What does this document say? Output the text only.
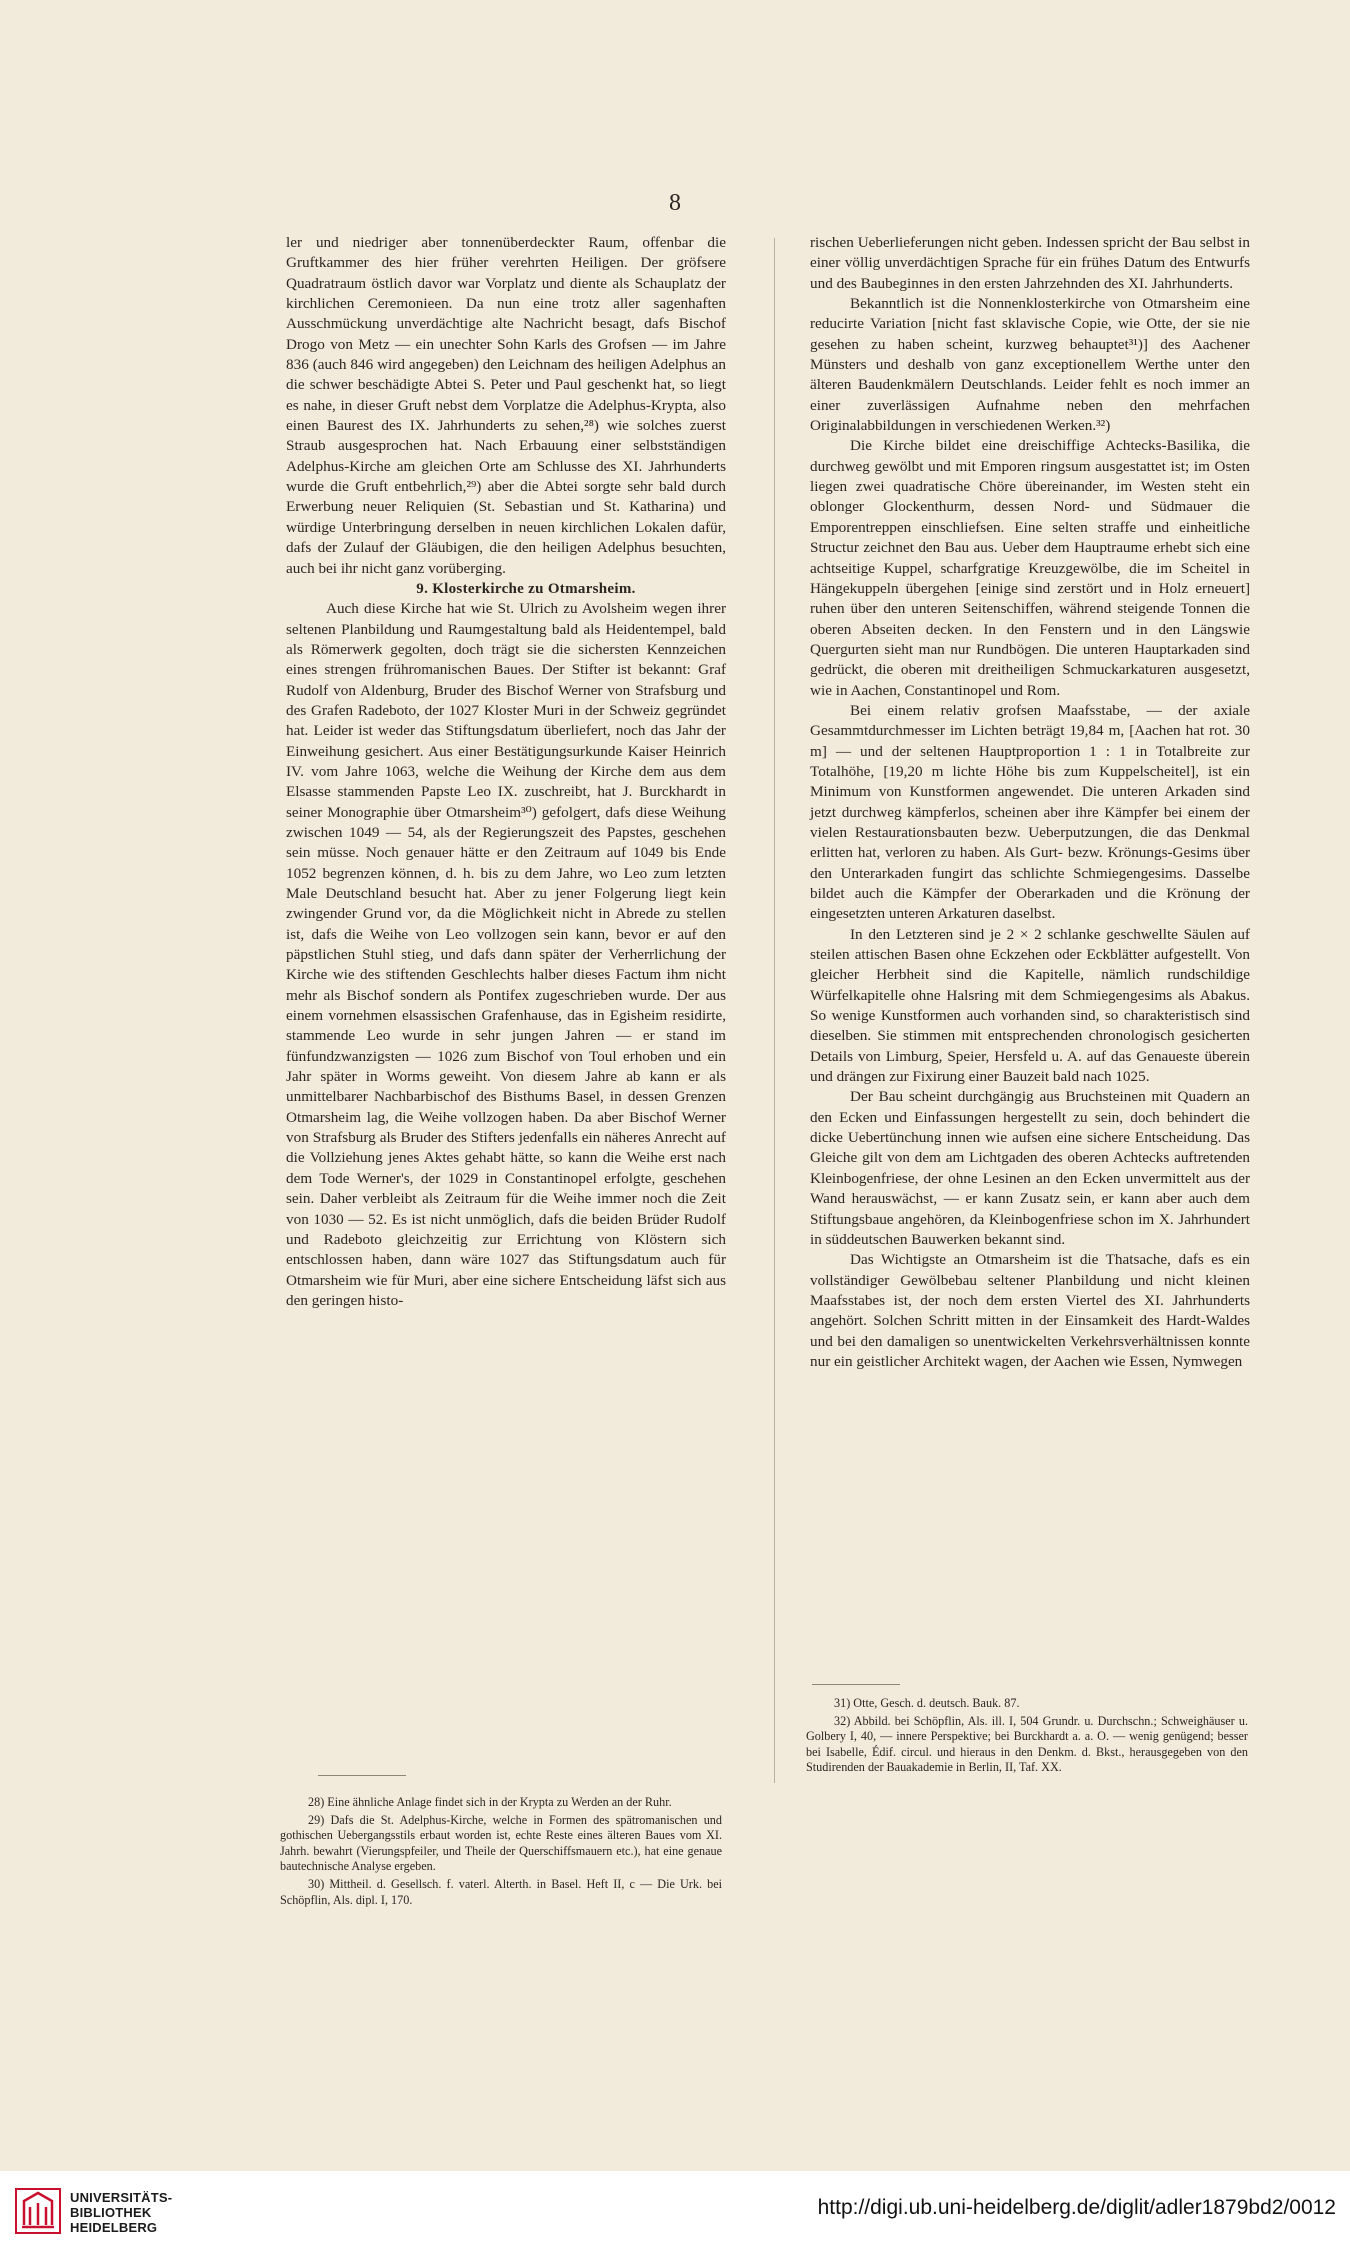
8

ler und niedriger aber tonnenüberdeckter Raum, offenbar die Gruftkammer des hier früher verehrten Heiligen. Der gröfsere Quadratraum östlich davor war Vorplatz und diente als Schauplatz der kirchlichen Ceremonieen. Da nun eine trotz aller sagenhaften Ausschmückung unverdächtige alte Nachricht besagt, dafs Bischof Drogo von Metz — ein unechter Sohn Karls des Grofsen — im Jahre 836 (auch 846 wird angegeben) den Leichnam des heiligen Adelphus an die schwer beschädigte Abtei S. Peter und Paul geschenkt hat, so liegt es nahe, in dieser Gruft nebst dem Vorplatze die Adelphus-Krypta, also einen Baurest des IX. Jahrhunderts zu sehen,²⁸) wie solches zuerst Straub ausgesprochen hat. Nach Erbauung einer selbstständigen Adelphus-Kirche am gleichen Orte am Schlusse des XI. Jahrhunderts wurde die Gruft entbehrlich,²⁹) aber die Abtei sorgte sehr bald durch Erwerbung neuer Reliquien (St. Sebastian und St. Katharina) und würdige Unterbringung derselben in neuen kirchlichen Lokalen dafür, dafs der Zulauf der Gläubigen, die den heiligen Adelphus besuchten, auch bei ihr nicht ganz vorüberging.

9. Klosterkirche zu Otmarsheim.

Auch diese Kirche hat wie St. Ulrich zu Avolsheim wegen ihrer seltenen Planbildung und Raumgestaltung bald als Heidentempel, bald als Römerwerk gegolten, doch trägt sie die sichersten Kennzeichen eines strengen frühromanischen Baues. Der Stifter ist bekannt: Graf Rudolf von Aldenburg, Bruder des Bischof Werner von Strafsburg und des Grafen Radeboto, der 1027 Kloster Muri in der Schweiz gegründet hat. Leider ist weder das Stiftungsdatum überliefert, noch das Jahr der Einweihung gesichert. Aus einer Bestätigungsurkunde Kaiser Heinrich IV. vom Jahre 1063, welche die Weihung der Kirche dem aus dem Elsasse stammenden Papste Leo IX. zuschreibt, hat J. Burckhardt in seiner Monographie über Otmarsheim³⁰) gefolgert, dafs diese Weihung zwischen 1049 — 54, als der Regierungszeit des Papstes, geschehen sein müsse. Noch genauer hätte er den Zeitraum auf 1049 bis Ende 1052 begrenzen können, d. h. bis zu dem Jahre, wo Leo zum letzten Male Deutschland besucht hat. Aber zu jener Folgerung liegt kein zwingender Grund vor, da die Möglichkeit nicht in Abrede zu stellen ist, dafs die Weihe von Leo vollzogen sein kann, bevor er auf den päpstlichen Stuhl stieg, und dafs dann später der Verherrlichung der Kirche wie des stiftenden Geschlechts halber dieses Factum ihm nicht mehr als Bischof sondern als Pontifex zugeschrieben wurde. Der aus einem vornehmen elsassischen Grafenhause, das in Egisheim residirte, stammende Leo wurde in sehr jungen Jahren — er stand im fünfundzwanzigsten — 1026 zum Bischof von Toul erhoben und ein Jahr später in Worms geweiht. Von diesem Jahre ab kann er als unmittelbarer Nachbarbischof des Bisthums Basel, in dessen Grenzen Otmarsheim lag, die Weihe vollzogen haben. Da aber Bischof Werner von Strafsburg als Bruder des Stifters jedenfalls ein näheres Anrecht auf die Vollziehung jenes Aktes gehabt hätte, so kann die Weihe erst nach dem Tode Werner's, der 1029 in Constantinopel erfolgte, geschehen sein. Daher verbleibt als Zeitraum für die Weihe immer noch die Zeit von 1030 — 52. Es ist nicht unmöglich, dafs die beiden Brüder Rudolf und Radeboto gleichzeitig zur Errichtung von Klöstern sich entschlossen haben, dann wäre 1027 das Stiftungsdatum auch für Otmarsheim wie für Muri, aber eine sichere Entscheidung läfst sich aus den geringen histo-

rischen Ueberlieferungen nicht geben. Indessen spricht der Bau selbst in einer völlig unverdächtigen Sprache für ein frühes Datum des Entwurfs und des Baubeginnes in den ersten Jahrzehnden des XI. Jahrhunderts.

Bekanntlich ist die Nonnenklosterkirche von Otmarsheim eine reducirte Variation [nicht fast sklavische Copie, wie Otte, der sie nie gesehen zu haben scheint, kurzweg behauptet³¹)] des Aachener Münsters und deshalb von ganz exceptionellem Werthe unter den älteren Baudenkmälern Deutschlands. Leider fehlt es noch immer an einer zuverlässigen Aufnahme neben den mehrfachen Originalabbildungen in verschiedenen Werken.³²)

Die Kirche bildet eine dreischiffige Achtecks-Basilika, die durchweg gewölbt und mit Emporen ringsum ausgestattet ist; im Osten liegen zwei quadratische Chöre übereinander, im Westen steht ein oblonger Glockenthurm, dessen Nord- und Südmauer die Emporentreppen einschliefsen. Eine selten straffe und einheitliche Structur zeichnet den Bau aus. Ueber dem Hauptraume erhebt sich eine achtseitige Kuppel, scharfgratige Kreuzgewölbe, die im Scheitel in Hängekuppeln übergehen [einige sind zerstört und in Holz erneuert] ruhen über den unteren Seitenschiffen, während steigende Tonnen die oberen Abseiten decken. In den Fenstern und in den Längswie Quergurten sieht man nur Rundbögen. Die unteren Hauptarkaden sind gedrückt, die oberen mit dreitheiligen Schmuckarkaturen ausgesetzt, wie in Aachen, Constantinopel und Rom.

Bei einem relativ grofsen Maafsstabe, — der axiale Gesammtdurchmesser im Lichten beträgt 19,84 m, [Aachen hat rot. 30 m] — und der seltenen Hauptproportion 1 : 1 in Totalbreite zur Totalhöhe, [19,20 m lichte Höhe bis zum Kuppelscheitel], ist ein Minimum von Kunstformen angewendet. Die unteren Arkaden sind jetzt durchweg kämpferlos, scheinen aber ihre Kämpfer bei einem der vielen Restaurationsbauten bezw. Ueberputzungen, die das Denkmal erlitten hat, verloren zu haben. Als Gurt- bezw. Krönungs-Gesims über den Unterarkaden fungirt das schlichte Schmiegengesims. Dasselbe bildet auch die Kämpfer der Oberarkaden und die Krönung der eingesetzten unteren Arkaturen daselbst.

In den Letzteren sind je 2 × 2 schlanke geschwellte Säulen auf steilen attischen Basen ohne Eckzehen oder Eckblätter aufgestellt. Von gleicher Herbheit sind die Kapitelle, nämlich rundschildige Würfelkapitelle ohne Halsring mit dem Schmiegengesims als Abakus. So wenige Kunstformen auch vorhanden sind, so charakteristisch sind dieselben. Sie stimmen mit entsprechenden chronologisch gesicherten Details von Limburg, Speier, Hersfeld u. A. auf das Genaueste überein und drängen zur Fixirung einer Bauzeit bald nach 1025.

Der Bau scheint durchgängig aus Bruchsteinen mit Quadern an den Ecken und Einfassungen hergestellt zu sein, doch behindert die dicke Uebertünchung innen wie aufsen eine sichere Entscheidung. Das Gleiche gilt von dem am Lichtgaden des oberen Achtecks auftretenden Kleinbogenfriese, der ohne Lesinen an den Ecken unvermittelt aus der Wand herauswächst, — er kann Zusatz sein, er kann aber auch dem Stiftungsbaue angehören, da Kleinbogenfriese schon im X. Jahrhundert in süddeutschen Bauwerken bekannt sind.

Das Wichtigste an Otmarsheim ist die Thatsache, dafs es ein vollständiger Gewölbebau seltener Planbildung und nicht kleinen Maafsstabes ist, der noch dem ersten Viertel des XI. Jahrhunderts angehört. Solchen Schritt mitten in der Einsamkeit des Hardt-Waldes und bei den damaligen so unentwickelten Verkehrsverhältnissen konnte nur ein geistlicher Architekt wagen, der Aachen wie Essen, Nymwegen

28) Eine ähnliche Anlage findet sich in der Krypta zu Werden an der Ruhr.

29) Dafs die St. Adelphus-Kirche, welche in Formen des spätromanischen und gothischen Uebergangsstils erbaut worden ist, echte Reste eines älteren Baues vom XI. Jahrh. bewahrt (Vierungspfeiler, und Theile der Querschiffsmauern etc.), hat eine genaue bautechnische Analyse ergeben.

30) Mittheil. d. Gesellsch. f. vaterl. Alterth. in Basel. Heft II, c — Die Urk. bei Schöpflin, Als. dipl. I, 170.

31) Otte, Gesch. d. deutsch. Bauk. 87.

32) Abbild. bei Schöpflin, Als. ill. I, 504 Grundr. u. Durchschn.; Schweighäuser u. Golbery I, 40, — innere Perspektive; bei Burckhardt a. a. O. — wenig genügend; besser bei Isabelle, Édif. circul. und hieraus in den Denkm. d. Bkst., herausgegeben von den Studirenden der Bauakademie in Berlin, II, Taf. XX.

UNIVERSITÄTS-
BIBLIOTHEK
HEIDELBERG
http://digi.ub.uni-heidelberg.de/diglit/adler1879bd2/0012
